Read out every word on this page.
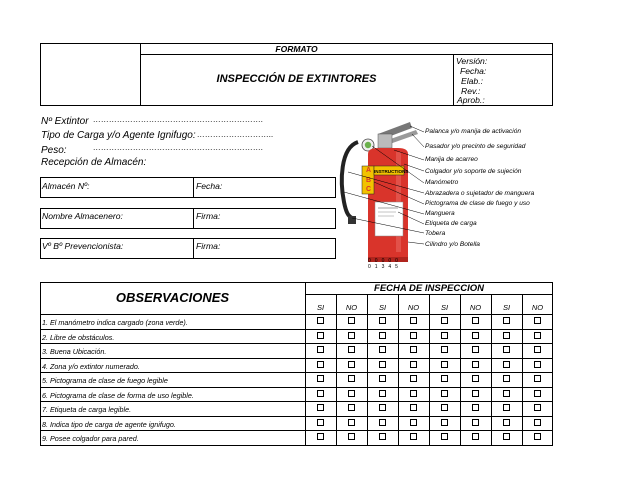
FORMATO
INSPECCIÓN DE EXTINTORES
Versión:
Fecha:
Elab.:
Rev.:
Aprob.:
Nº Extintor ……………………………………………………….
Tipo de Carga y/o Agente Ignifugo: ………………………..
Peso:	……………………………………………………….
Recepción de Almacén:
Almacén Nº:	Fecha:
Nombre Almacenero:	Firma:
Vº Bº Prevencionista:	Firma:
INSTRUCTIONS
A
B
C
00000
01345
Palanca y/o manija de activación
Pasador y/o precinto de seguridad
Manija de acarreo
Colgador y/o soporte de sujeción
Manómetro
Abrazadera o sujetador de manguera
Pictograma de clase de fuego y uso
Manguera
Etiqueta de carga
Tobera
Cilindro y/o Botella
OBSERVACIONES
FECHA DE INSPECCION
SI	NO	SI	NO	SI	NO	SI	NO
1. El manómetro indica cargado (zona verde).
2. Libre de obstáculos.
3. Buena Ubicación.
4. Zona y/o extintor numerado.
5. Pictograma de clase de fuego legible
6. Pictograma de clase de forma de uso legible.
7. Etiqueta de carga legible.
8. Indica tipo de carga de agente ignifugo.
9. Posee colgador para pared.
